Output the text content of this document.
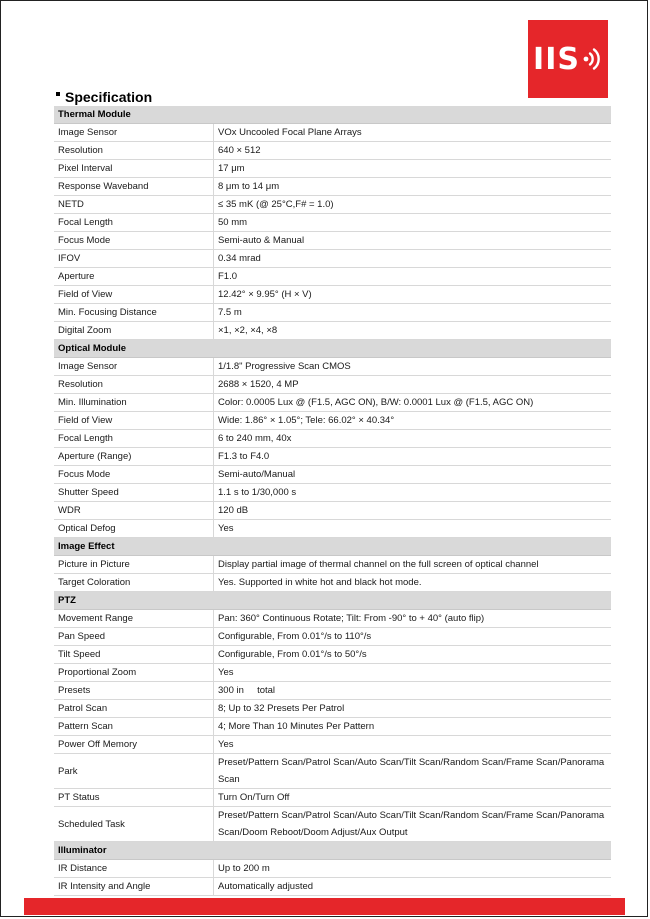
IIS
Specification
Thermal Module	
Image Sensor	VOx Uncooled Focal Plane Arrays
Resolution	640 × 512
Pixel Interval	17 μm
Response Waveband	8 μm to 14 μm
NETD	≤ 35 mK (@ 25°C,F# = 1.0)
Focal Length	50 mm
Focus Mode	Semi-auto & Manual
IFOV	0.34 mrad
Aperture	F1.0
Field of View	12.42° × 9.95° (H × V)
Min. Focusing Distance	7.5 m
Digital Zoom	×1, ×2, ×4, ×8
Optical Module	
Image Sensor	1/1.8" Progressive Scan CMOS
Resolution	2688 × 1520, 4 MP
Min. Illumination	Color: 0.0005 Lux @ (F1.5, AGC ON), B/W: 0.0001 Lux @ (F1.5, AGC ON)
Field of View	Wide: 1.86° × 1.05°; Tele: 66.02° × 40.34°
Focal Length	6 to 240 mm, 40x
Aperture (Range)	F1.3 to F4.0
Focus Mode	Semi-auto/Manual
Shutter Speed	1.1 s to 1/30,000 s
WDR	120 dB
Optical Defog	Yes
Image Effect	
Picture in Picture	Display partial image of thermal channel on the full screen of optical channel
Target Coloration	Yes. Supported in white hot and black hot mode.
PTZ	
Movement Range	Pan: 360° Continuous Rotate; Tilt: From -90° to + 40° (auto flip)
Pan Speed	Configurable, From 0.01°/s to 110°/s
Tilt Speed	Configurable, From 0.01°/s to 50°/s
Proportional Zoom	Yes
Presets	300 in     total
Patrol Scan	8; Up to 32 Presets Per Patrol
Pattern Scan	4; More Than 10 Minutes Per Pattern
Power Off Memory	Yes
Park	Preset/Pattern Scan/Patrol Scan/Auto Scan/Tilt Scan/Random Scan/Frame Scan/Panorama Scan
PT Status	Turn On/Turn Off
Scheduled Task	Preset/Pattern Scan/Patrol Scan/Auto Scan/Tilt Scan/Random Scan/Frame Scan/Panorama Scan/Doom Reboot/Doom Adjust/Aux Output
Illuminator	
IR Distance	Up to 200 m
IR Intensity and Angle	Automatically adjusted
